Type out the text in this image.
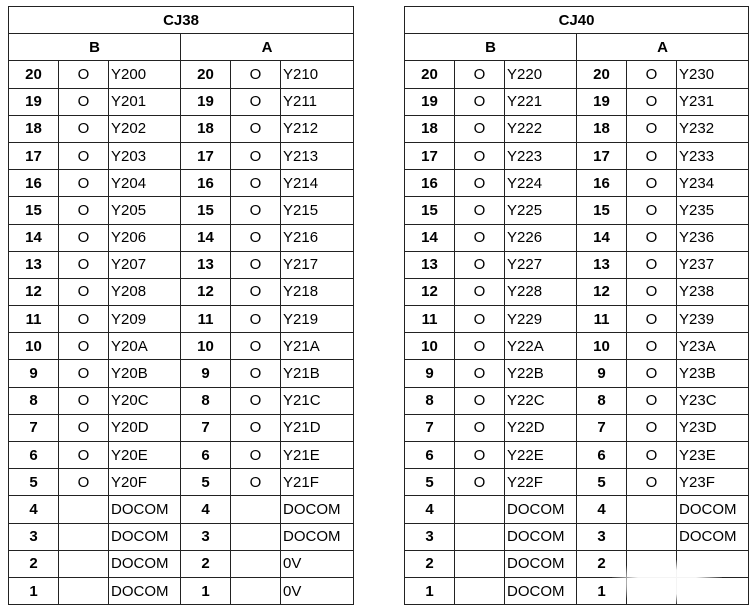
CJ38					
B			A		
20	O	Y200	20	O	Y210
19	O	Y201	19	O	Y211
18	O	Y202	18	O	Y212
17	O	Y203	17	O	Y213
16	O	Y204	16	O	Y214
15	O	Y205	15	O	Y215
14	O	Y206	14	O	Y216
13	O	Y207	13	O	Y217
12	O	Y208	12	O	Y218
11	O	Y209	11	O	Y219
10	O	Y20A	10	O	Y21A
9	O	Y20B	9	O	Y21B
8	O	Y20C	8	O	Y21C
7	O	Y20D	7	O	Y21D
6	O	Y20E	6	O	Y21E
5	O	Y20F	5	O	Y21F
4		DOCOM	4		DOCOM
3		DOCOM	3		DOCOM
2		DOCOM	2		0V
1		DOCOM	1		0V
CJ40					
B			A		
20	O	Y220	20	O	Y230
19	O	Y221	19	O	Y231
18	O	Y222	18	O	Y232
17	O	Y223	17	O	Y233
16	O	Y224	16	O	Y234
15	O	Y225	15	O	Y235
14	O	Y226	14	O	Y236
13	O	Y227	13	O	Y237
12	O	Y228	12	O	Y238
11	O	Y229	11	O	Y239
10	O	Y22A	10	O	Y23A
9	O	Y22B	9	O	Y23B
8	O	Y22C	8	O	Y23C
7	O	Y22D	7	O	Y23D
6	O	Y22E	6	O	Y23E
5	O	Y22F	5	O	Y23F
4		DOCOM	4		DOCOM
3		DOCOM	3		DOCOM
2		DOCOM	2		
1		DOCOM	1		
